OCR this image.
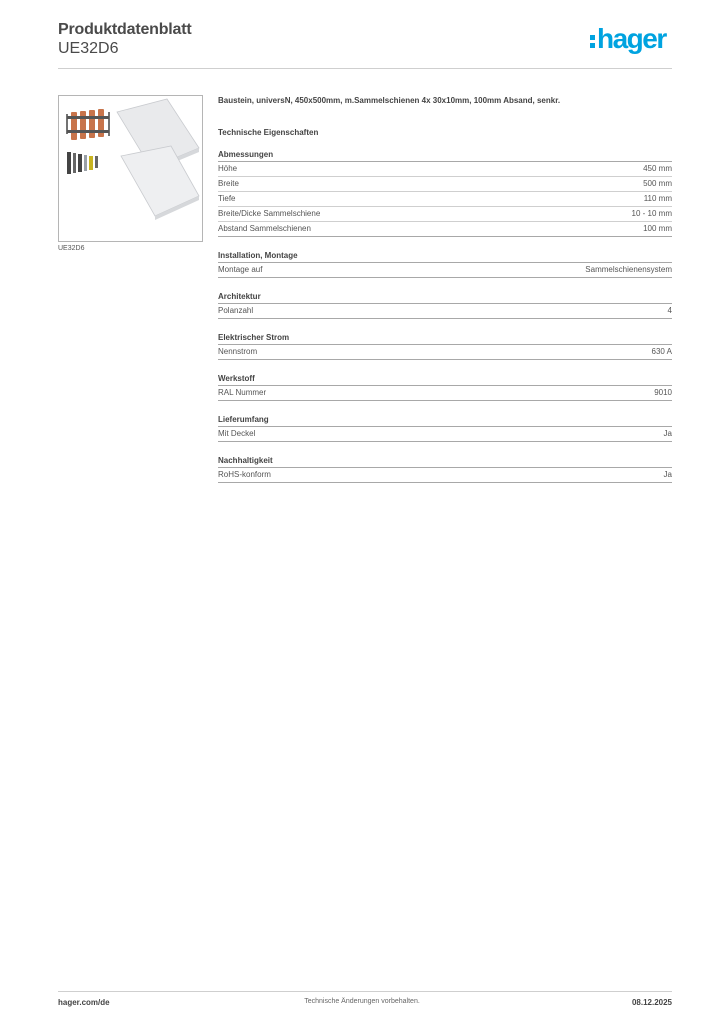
Produktdatenblatt
UE32D6	hager
UE32D6
Baustein, universN, 450x500mm, m.Sammelschienen 4x 30x10mm, 100mm Absand, senkr.
Technische Eigenschaften
Abmessungen
Höhe	450 mm
Breite	500 mm
Tiefe	110 mm
Breite/Dicke Sammelschiene	10 - 10 mm
Abstand Sammelschienen	100 mm
Installation, Montage
Montage auf	Sammelschienensystem
Architektur
Polanzahl	4
Elektrischer Strom
Nennstrom	630 A
Werkstoff
RAL Nummer	9010
Lieferumfang
Mit Deckel	Ja
Nachhaltigkeit
RoHS-konform	Ja
hager.com/de	Technische Änderungen vorbehalten.	08.12.2025
